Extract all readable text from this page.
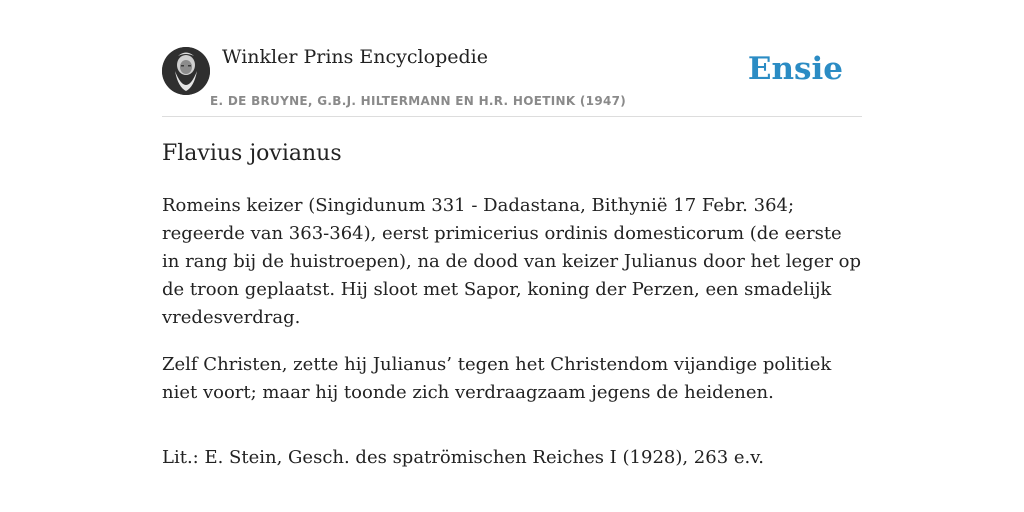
Winkler Prins Encyclopedie
E. DE BRUYNE, G.B.J. HILTERMANN EN H.R. HOETINK (1947)
Ensie
Flavius jovianus

Romeins keizer (Singidunum 331 - Dadastana, Bithynië 17 Febr. 364; regeerde van 363-364), eerst primicerius ordinis domesticorum (de eerste in rang bij de huistroepen), na de dood van keizer Julianus door het leger op de troon geplaatst. Hij sloot met Sapor, koning der Perzen, een smadelijk vredesverdrag.

Zelf Christen, zette hij Julianus’ tegen het Christendom vijandige politiek niet voort; maar hij toonde zich verdraagzaam jegens de heidenen.

Lit.: E. Stein, Gesch. des spatrömischen Reiches I (1928), 263 e.v.
